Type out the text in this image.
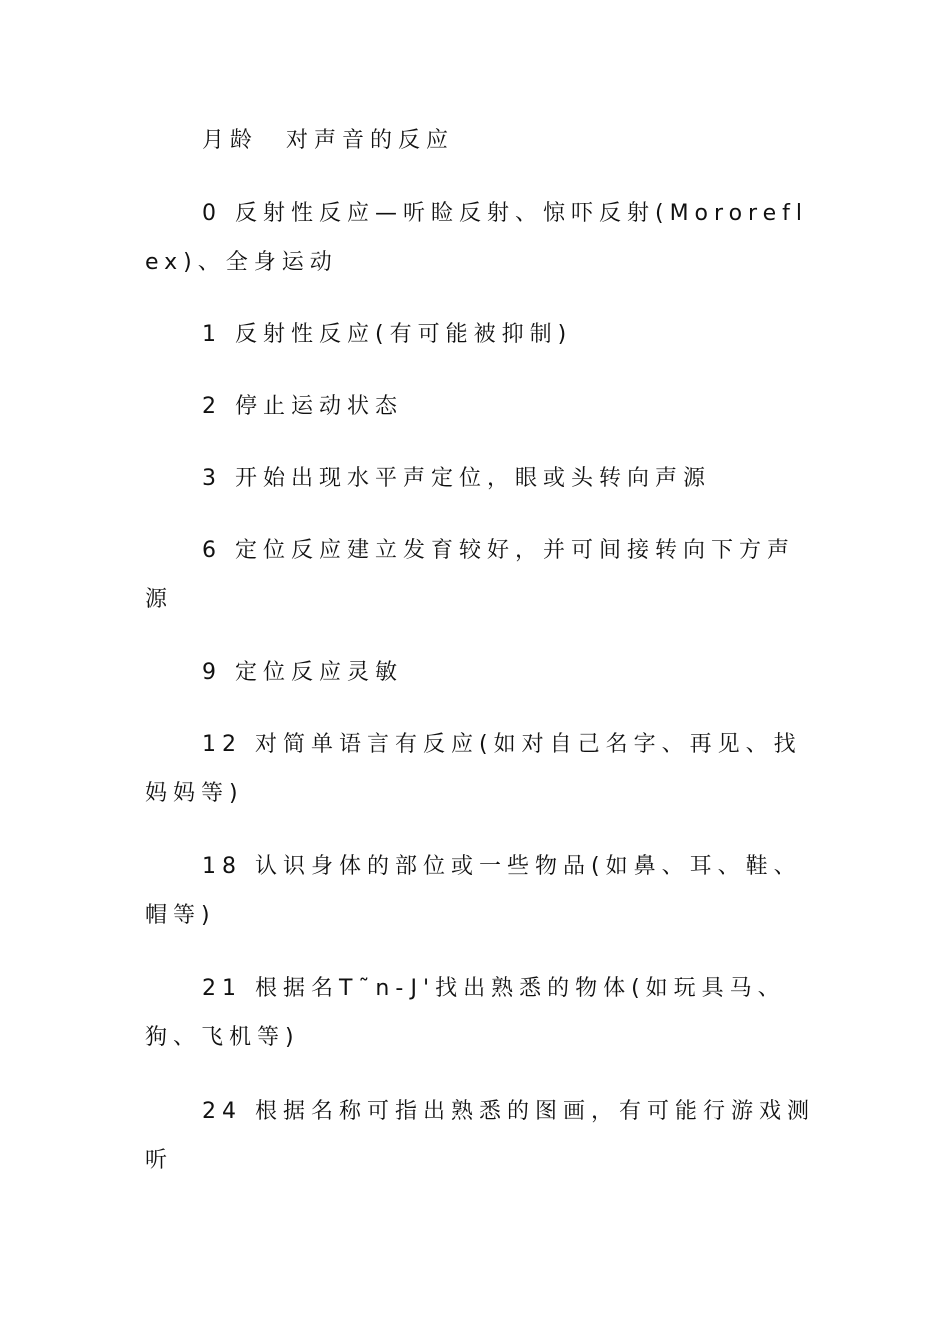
月龄　对声音的反应

0 反射性反应—听睑反射、惊吓反射(Mororeflex)、全身运动

1 反射性反应(有可能被抑制)

2 停止运动状态

3 开始出现水平声定位，眼或头转向声源

6 定位反应建立发育较好，并可间接转向下方声源

9 定位反应灵敏

12 对简单语言有反应(如对自己名字、再见、找妈妈等)

18 认识身体的部位或一些物品(如鼻、耳、鞋、帽等)

21 根据名T˜n-J'找出熟悉的物体(如玩具马、狗、飞机等)

24 根据名称可指出熟悉的图画，有可能行游戏测听
